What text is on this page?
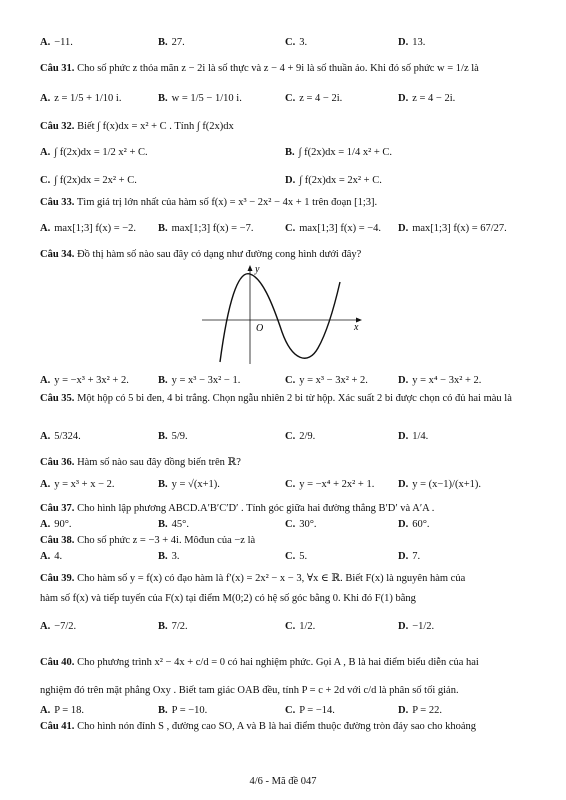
A. −11.	B. 27.	C. 3.	D. 13.
Câu 31. Cho số phức z thỏa mãn z − 2i là số thực và z − 4 + 9i là số thuần ảo. Khi đó số phức w = 1/z là
A. z = 1/5 + 1/10 i.	B. w = 1/5 − 1/10 i.	C. z = 4 − 2i.	D. z = 4 − 2i.
Câu 32. Biết ∫ f(x)dx = x² + C . Tính ∫ f(2x)dx
A. ∫ f(2x)dx = 1/2 x² + C.	B. ∫ f(2x)dx = 1/4 x² + C.
C. ∫ f(2x)dx = 2x² + C.	D. ∫ f(2x)dx = 2x² + C.
Câu 33. Tìm giá trị lớn nhất của hàm số f(x) = x³ − 2x² − 4x + 1 trên đoạn [1;3].
A. max[1;3] f(x) = −2. B. max[1;3] f(x) = −7.	C. max[1;3] f(x) = −4. D. max[1;3] f(x) = 67/27.
Câu 34. Đồ thị hàm số nào sau đây có dạng như đường cong hình dưới đây?
y
x
O
A. y = −x³ + 3x² + 2.	B. y = x³ − 3x² − 1.	C. y = x³ − 3x² + 2.	D. y = x⁴ − 3x² + 2.
Câu 35. Một hộp có 5 bi đen, 4 bi trắng. Chọn ngẫu nhiên 2 bi từ hộp. Xác suất 2 bi được chọn có đủ hai màu là
A. 5/324.	B. 5/9.	C. 2/9.	D. 1/4.
Câu 36. Hàm số nào sau đây đồng biến trên ℝ?
A. y = x³ + x − 2.	B. y = √(x+1).	C. y = −x⁴ + 2x² + 1. D. y = (x−1)/(x+1).
Câu 37. Cho hình lập phương ABCD.A′B′C′D′ . Tính góc giữa hai đường thẳng B′D′ và A′A .
A. 90°.	B. 45°.	C. 30°.	D. 60°.
Câu 38. Cho số phức z = −3 + 4i. Môđun của −z là
A. 4.	B. 3.	C. 5.	D. 7.
Câu 39. Cho hàm số y = f(x) có đạo hàm là f′(x) = 2x² − x − 3, ∀x ∈ ℝ. Biết F(x) là nguyên hàm của
hàm số f(x) và tiếp tuyến của F(x) tại điểm M(0;2) có hệ số góc bằng 0. Khi đó F(1) bằng
A. −7/2.	B. 7/2.	C. 1/2.	D. −1/2.
Câu 40. Cho phương trình x² − 4x + c/d = 0 có hai nghiệm phức. Gọi A , B là hai điểm biểu diễn của hai
nghiệm đó trên mặt phẳng Oxy . Biết tam giác OAB đều, tính P = c + 2d với c/d là phân số tối giản.
A. P = 18.	B. P = −10.	C. P = −14.	D. P = 22.
Câu 41. Cho hình nón đỉnh S , đường cao SO, A và B là hai điểm thuộc đường tròn đáy sao cho khoảng
4/6 - Mã đề 047
